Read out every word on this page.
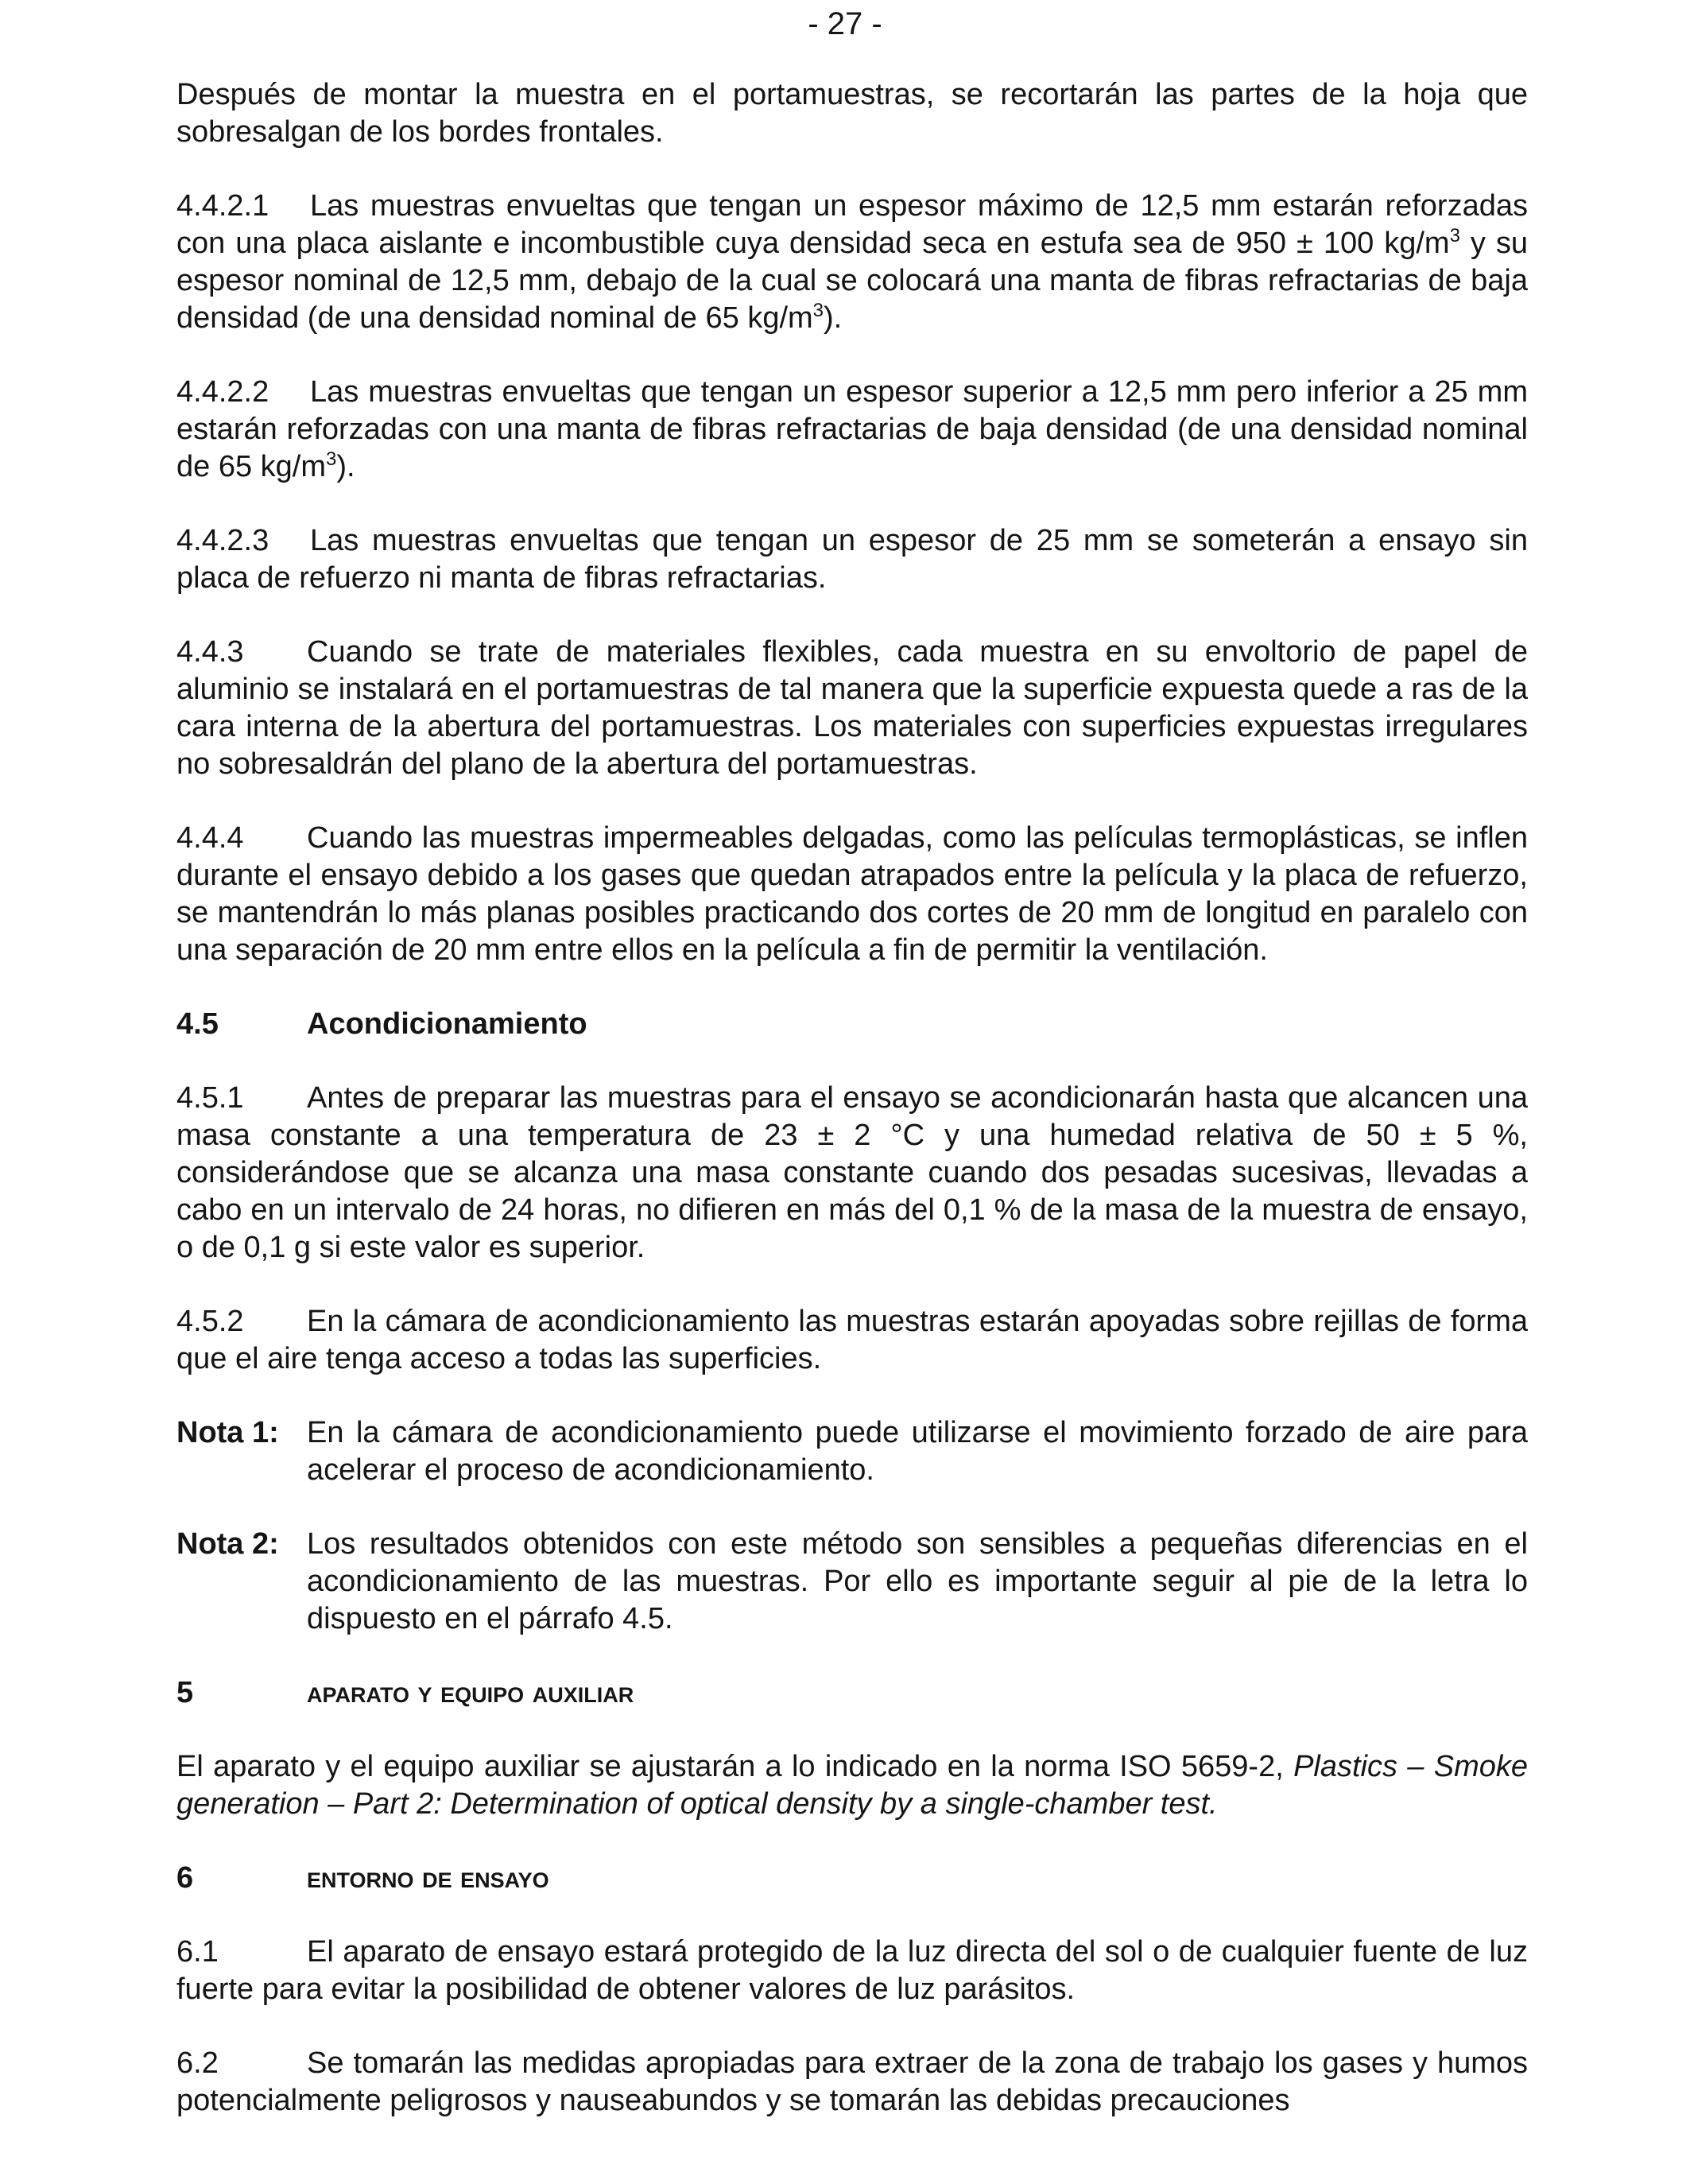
- 27 -

Después de montar la muestra en el portamuestras, se recortarán las partes de la hoja que sobresalgan de los bordes frontales.

4.4.2.1 Las muestras envueltas que tengan un espesor máximo de 12,5 mm estarán reforzadas con una placa aislante e incombustible cuya densidad seca en estufa sea de 950 ± 100 $kg/m^3$ y su espesor nominal de 12,5 mm, debajo de la cual se colocará una manta de fibras refractarias de baja densidad (de una densidad nominal de 65 $kg/m^3$).

4.4.2.2 Las muestras envueltas que tengan un espesor superior a 12,5 mm pero inferior a 25 mm estarán reforzadas con una manta de fibras refractarias de baja densidad (de una densidad nominal de 65 $kg/m^3$).

4.4.2.3 Las muestras envueltas que tengan un espesor de 25 mm se someterán a ensayo sin placa de refuerzo ni manta de fibras refractarias.

4.4.3 Cuando se trate de materiales flexibles, cada muestra en su envoltorio de papel de aluminio se instalará en el portamuestras de tal manera que la superficie expuesta quede a ras de la cara interna de la abertura del portamuestras. Los materiales con superficies expuestas irregulares no sobresaldrán del plano de la abertura del portamuestras.

4.4.4 Cuando las muestras impermeables delgadas, como las películas termoplásticas, se inflen durante el ensayo debido a los gases que quedan atrapados entre la película y la placa de refuerzo, se mantendrán lo más planas posibles practicando dos cortes de 20 mm de longitud en paralelo con una separación de 20 mm entre ellos en la película a fin de permitir la ventilación.

4.5	Acondicionamiento

4.5.1 Antes de preparar las muestras para el ensayo se acondicionarán hasta que alcancen una masa constante a una temperatura de 23 ± 2 °C y una humedad relativa de 50 ± 5 %, considerándose que se alcanza una masa constante cuando dos pesadas sucesivas, llevadas a cabo en un intervalo de 24 horas, no difieren en más del 0,1 % de la masa de la muestra de ensayo, o de 0,1 g si este valor es superior.

4.5.2 En la cámara de acondicionamiento las muestras estarán apoyadas sobre rejillas de forma que el aire tenga acceso a todas las superficies.

Nota 1: En la cámara de acondicionamiento puede utilizarse el movimiento forzado de aire para acelerar el proceso de acondicionamiento.
Nota 2: Los resultados obtenidos con este método son sensibles a pequeñas diferencias en el acondicionamiento de las muestras. Por ello es importante seguir al pie de la letra lo dispuesto en el párrafo 4.5.
5	aparato y equipo auxiliar

El aparato y el equipo auxiliar se ajustarán a lo indicado en la norma ISO 5659-2, Plastics – Smoke generation – Part 2: Determination of optical density by a single-chamber test.

6	entorno de ensayo

6.1	El aparato de ensayo estará protegido de la luz directa del sol o de cualquier fuente de luz fuerte para evitar la posibilidad de obtener valores de luz parásitos.

6.2	Se tomarán las medidas apropiadas para extraer de la zona de trabajo los gases y humos potencialmente peligrosos y nauseabundos y se tomarán las debidas precauciones
